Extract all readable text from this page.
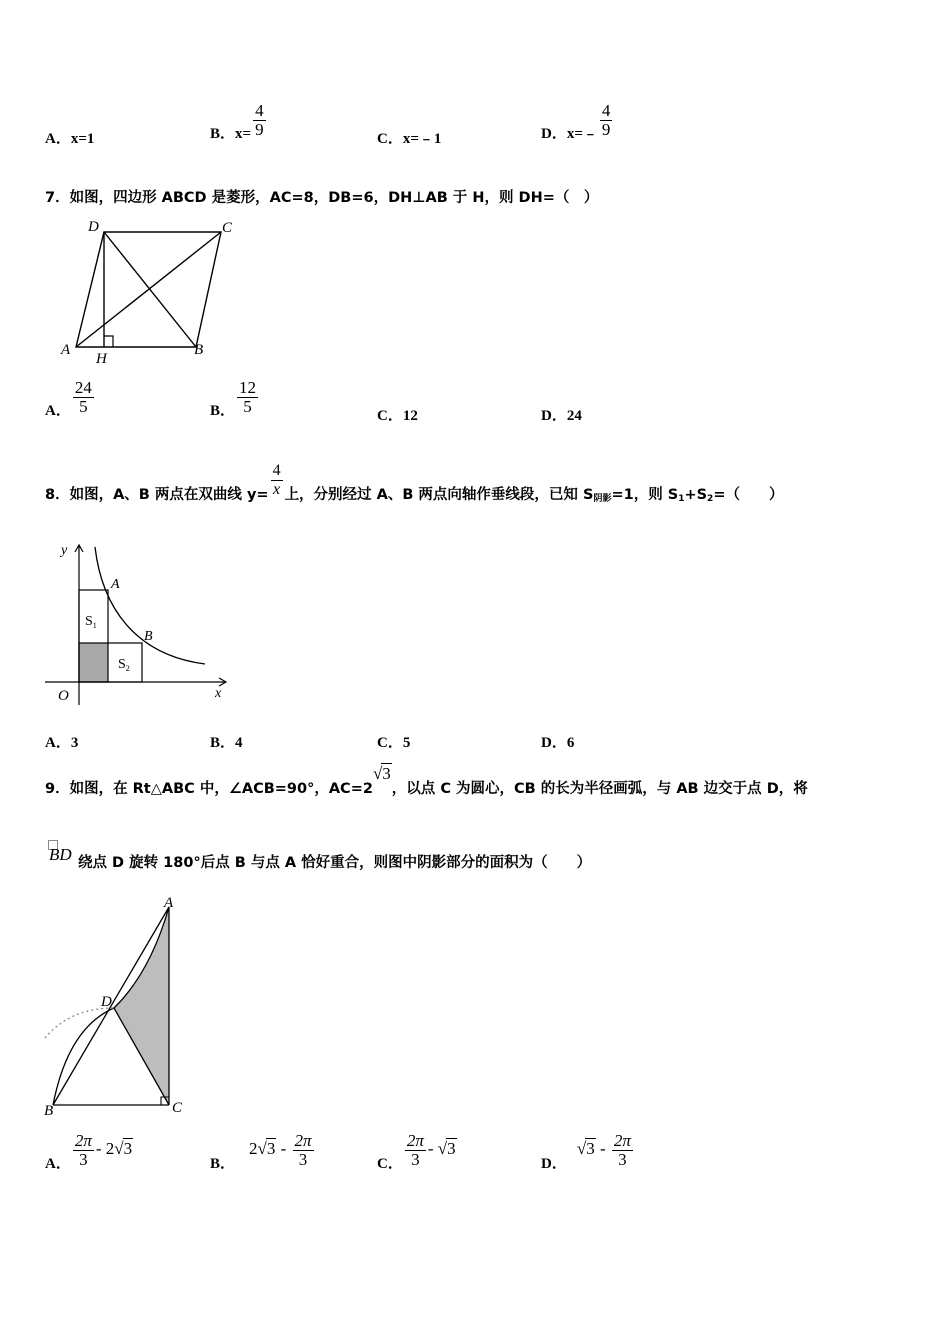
A．x=1	B．$x= \frac{4}{9}$	C．x=﹣1	D．x=﹣ $\frac{4}{9}$
7．如图，四边形 ABCD 是菱形，AC=8，DB=6，DH⊥AB 于 H，则 DH=（　）
D	C
A
H
B
A． $\frac{24}{5}$	B． $\frac{12}{5}$	C．12	D．24
8．如图，A、B 两点在双曲线 $y= \frac{4}{x}$ 上，分别经过 A、B 两点向轴作垂线段，已知 $S_{阴影}=1$，则 $S_1+S_2=$（　　）
y
x
O
A
B
$S_1$
$S_2$
A．3	B．4	C．5	D．6
9．如图，在 Rt△ABC 中，∠ACB=90°，AC=2√3，以点 C 为圆心，CB 的长为半径画弧，与 AB 边交于点 D，将
BD 绕点 D 旋转 180°后点 B 与点 A 恰好重合，则图中阴影部分的面积为（　　）
A
D
B	C
A． $\frac{2\pi}{3} - 2√3$
B．$2√3 - \frac{2\pi}{3}$	C． $\frac{2\pi}{3} - √3$
D．$√3 - \frac{2\pi}{3}$
